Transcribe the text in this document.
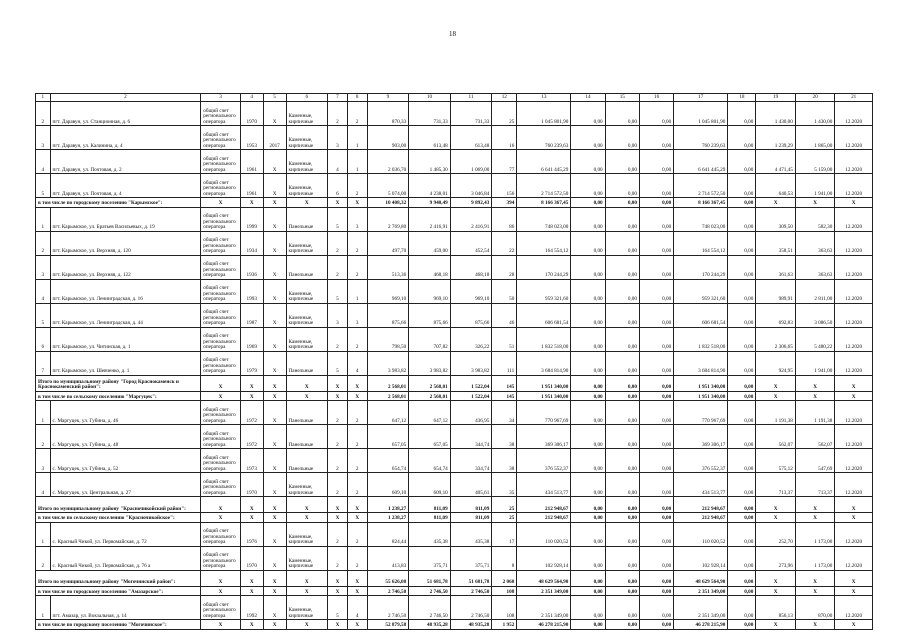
18
1	2	3	4	5	6	7	8	9	10	11	12	13	14	15	16	17	18	19	20	21
2	пгт. Даравун, ул. Станционная, д. 6	общий счет регионального оператора	1970	X	Каменные, кирпичные	2	2	870,33	731,33	731,33	25	1 045 801,90	0,00	0,00	0,00	1 045 801,90	0,00	1 430,00	1 430,00	12.2020
3	пгт. Даравун, ул. Калинина, д. 4	общий счет регионального оператора	1953	2017	Каменные, кирпичные	3	1	903,00	613,48	613,48	16	760 239,63	0,00	0,00	0,00	760 239,63	0,00	1 239,29	1 865,00	12.2020
4	пгт. Даравун, ул. Почтовая, д. 2	общий счет регионального оператора	1961	X	Каменные, кирпичные	4	1	2 036,70	1 485,30	1 069,00	77	6 641 445,29	0,00	0,00	0,00	6 641 445,29	0,00	4 471,45	5 159,00	12.2020
5	пгт. Даравун, ул. Почтовая, д. 4	общий счет регионального оператора	1961	X	Каменные, кирпичные	6	2	5 074,00	4 238,01	3 046,84	156	2 714 572,50	0,00	0,00	0,00	2 714 572,50	0,00	640,53	1 941,00	12.2020
в том числе по городскому поселению "Карымское":		X	X	X	X	X	X	10 408,32	9 940,49	9 892,43	394	8 166 367,45	0,00	0,00	0,00	8 166 367,45	0,00	X	X	X
1	пгт. Карымское, ул. Братьев Васильевых, д. 19	общий счет регионального оператора	1999	X	Панельные	5	3	2 769,80	2 416,91	2 416,91	86	748 023,00	0,00	0,00	0,00	748 023,00	0,00	309,50	582,30	12.2020
2	пгт. Карымское, ул. Верхняя, д. 120	общий счет регионального оператора	1934	X	Каменные, кирпичные	2	2	497,70	459,00	452,54	22	164 554,12	0,00	0,00	0,00	164 554,12	0,00	358,51	363,63	12.2020
3	пгт. Карымское, ул. Верхняя, д. 122	общий счет регионального оператора	1936	X	Панельные	2	2	513,36	468,18	468,18	28	170 244,29	0,00	0,00	0,00	170 244,29	0,00	361,63	363,63	12.2020
4	пгт. Карымское, ул. Ленинградская, д. 16	общий счет регионального оператора	1993	X	Каменные, кирпичные	5	1	969,10	969,10	969,10	50	959 321,60	0,00	0,00	0,00	959 321,60	0,00	989,91	2 811,00	12.2020
5	пгт. Карымское, ул. Ленинградская, д. 44	общий счет регионального оператора	1987	X	Каменные, кирпичные	3	3	875,66	875,66	875,66	46	606 681,54	0,00	0,00	0,00	606 681,54	0,00	692,83	3 086,50	12.2020
6	пгт. Карымское, ул. Читинская, д. 1	общий счет регионального оператора	1969	X	Каменные, кирпичные	2	2	798,50	707,82	326,22	51	1 832 518,00	0,00	0,00	0,00	1 832 518,00	0,00	2 306,65	5 480,22	12.2020
7	пгт. Карымское, ул. Шевченко, д. 1	общий счет регионального оператора	1979	X	Панельные	5	4	3 983,82	3 983,82	3 983,82	111	3 684 814,90	0,00	0,00	0,00	3 684 814,90	0,00	924,95	1 941,00	12.2020
Итого по муниципальному району "Город Краснокаменск и Краснокаменский район":		X	X	X	X	X	X	2 568,01	2 568,01	1 522,04	145	1 951 340,00	0,00	0,00	0,00	1 951 340,00	0,00	X	X	X
в том числе по сельскому поселению "Маргуцек":		X	X	X	X	X	X	2 568,01	2 568,01	1 522,04	145	1 951 340,00	0,00	0,00	0,00	1 951 340,00	0,00	X	X	X
1	с. Маргуцек, ул. Губина, д. 46	общий счет регионального оператора	1972	X	Панельные	2	2	647,12	647,12	436,95	34	770 967,69	0,00	0,00	0,00	770 967,69	0,00	1 191,38	1 191,38	12.2020
2	с. Маргуцек, ул. Губина, д. 48	общий счет регионального оператора	1972	X	Панельные	2	2	657,05	657,05	344,74	38	369 306,17	0,00	0,00	0,00	369 306,17	0,00	562,07	562,07	12.2020
3	с. Маргуцек, ул. Губина, д. 52	общий счет регионального оператора	1973	X	Панельные	2	2	654,74	654,74	334,74	38	376 552,37	0,00	0,00	0,00	376 552,37	0,00	575,12	547,69	12.2020
4	с. Маргуцек, ул. Центральная, д. 27	общий счет регионального оператора	1970	X	Каменные, кирпичные	2	2	609,10	609,10	405,61	35	434 513,77	0,00	0,00	0,00	434 513,77	0,00	713,37	713,37	12.2020
Итого по муниципальному району "Красночикойский район":		X	X	X	X	X	X	1 238,27	811,09	811,09	25	212 948,67	0,00	0,00	0,00	212 948,67	0,00	X	X	X
в том числе по сельскому поселению "Красночикойское":		X	X	X	X	X	X	1 238,27	811,09	811,09	25	212 948,67	0,00	0,00	0,00	212 948,67	0,00	X	X	X
1	с. Красный Чикой, ул. Первомайская, д. 72	общий счет регионального оператора	1976	X	Каменные, кирпичные	2	2	824,44	435,38	435,38	17	110 020,52	0,00	0,00	0,00	110 020,52	0,00	252,70	1 173,00	12.2020
2	с. Красный Чикой, ул. Первомайская, д. 76 а	общий счет регионального оператора	1970	X	Каменные, кирпичные	2	2	413,83	375,71	375,71	8	102 928,14	0,00	0,00	0,00	102 928,14	0,00	273,96	1 173,00	12.2020
Итого по муниципальному району "Могочинский район":		X	X	X	X	X	X	55 626,08	51 681,78	51 681,78	2 060	48 629 564,90	0,00	0,00	0,00	48 629 564,90	0,00	X	X	X
в том числе по городскому поселению "Амазарское":		X	X	X	X	X	X	2 746,50	2 746,50	2 746,50	108	2 351 349,00	0,00	0,00	0,00	2 351 349,00	0,00	X	X	X
1	пгт. Амазар, ул. Вокзальная, д. 14	общий счет регионального оператора	1992	X	Каменные, кирпичные	5	4	2 746,50	2 746,50	2 746,50	108	2 351 349,00	0,00	0,00	0,00	2 351 349,00	0,00	856,13	870,00	12.2020
в том числе по городскому поселению "Могочинское":		X	X	X	X	X	X	52 879,58	48 935,28	48 935,28	1 952	46 278 215,90	0,00	0,00	0,00	46 278 215,90	0,00	X	X	X
